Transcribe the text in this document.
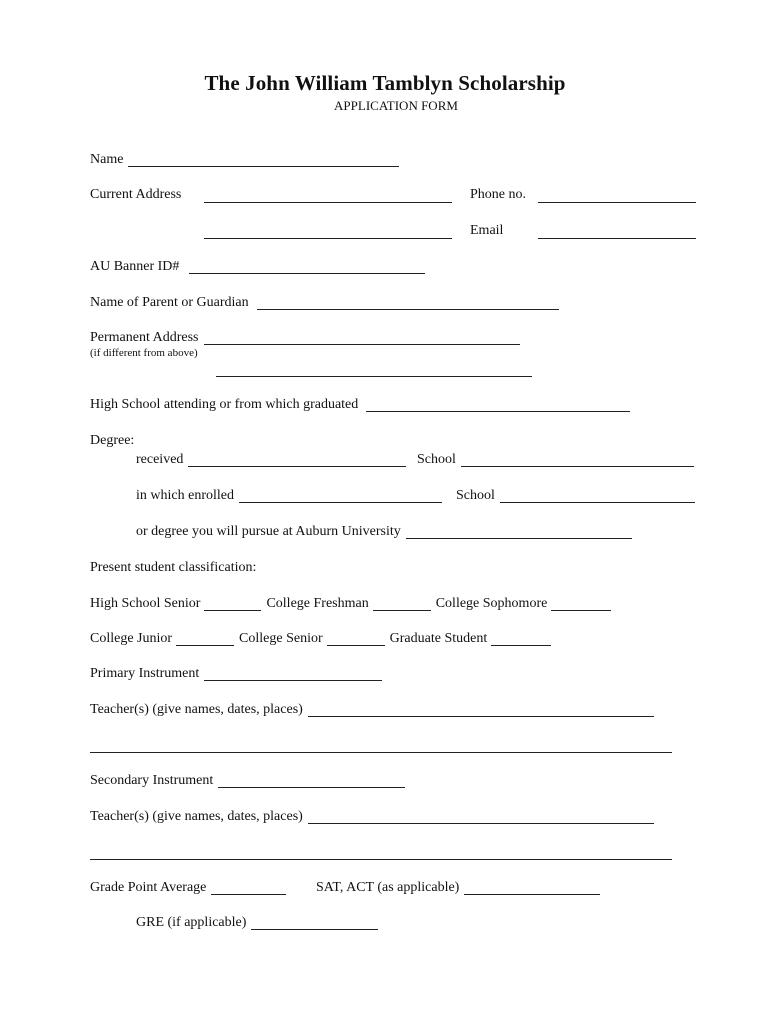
The John William Tamblyn Scholarship
APPLICATION FORM
Name
Current Address	Phone no.
Email
AU Banner ID#
Name of Parent or Guardian
Permanent Address
(if different from above)
High School attending or from which graduated
Degree:
received	School
in which enrolled	School
or degree you will pursue at Auburn University
Present student classification:
High School Senior	College Freshman	College Sophomore
College Junior	College Senior	Graduate Student
Primary Instrument
Teacher(s) (give names, dates, places)
Secondary Instrument
Teacher(s) (give names, dates, places)
Grade Point Average	SAT, ACT (as applicable)
GRE (if applicable)
